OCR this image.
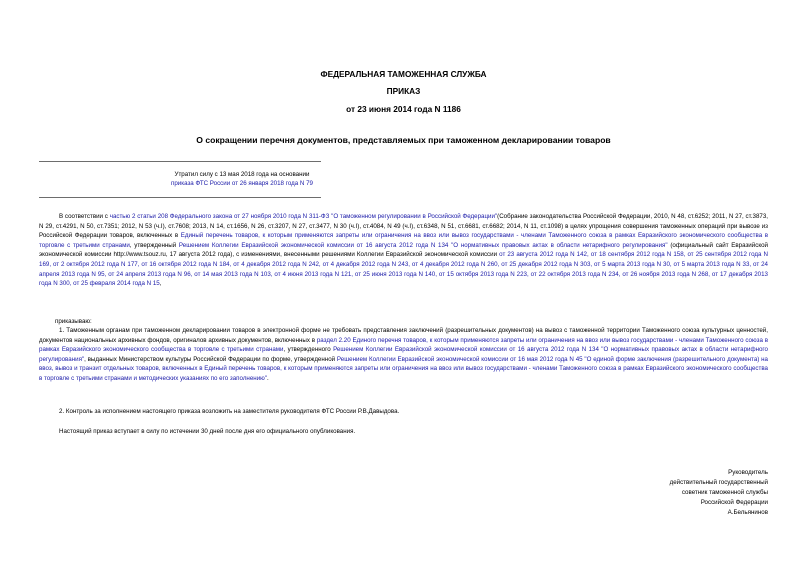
ФЕДЕРАЛЬНАЯ ТАМОЖЕННАЯ СЛУЖБА
ПРИКАЗ
от 23 июня 2014 года N 1186
О сокращении перечня документов, представляемых при таможенном декларировании товаров
Утратил силу с 13 мая 2018 года на основании
приказа ФТС России от 26 января 2018 года N 79

В соответствии с частью 2 статьи 208 Федерального закона от 27 ноября 2010 года N 311-ФЗ "О таможенном регулировании в Российской Федерации"(Собрание законодательства Российской Федерации, 2010, N 48, ст.6252; 2011, N 27, ст.3873, N 29, ст.4291, N 50, ст.7351; 2012, N 53 (ч.I), ст.7608; 2013, N 14, ст.1656, N 26, ст.3207, N 27, ст.3477, N 30 (ч.I), ст.4084, N 49 (ч.I), ст.6348, N 51, ст.6681, ст.6682; 2014, N 11, ст.1098) в целях упрощения совершения таможенных операций при вывозе из Российской Федерации товаров, включенных в Единый перечень товаров, к которым применяются запреты или ограничения на ввоз или вывоз государствами - членами Таможенного союза в рамках Евразийского экономического сообщества в торговле с третьими странами, утвержденный Решением Коллегии Евразийской экономической комиссии от 16 августа 2012 года N 134 "О нормативных правовых актах в области нетарифного регулирования" (официальный сайт Евразийской экономической комиссии http://www.tsouz.ru, 17 августа 2012 года), с изменениями, внесенными решениями Коллегии Евразийской экономической комиссии от 23 августа 2012 года N 142, от 18 сентября 2012 года N 158, от 25 сентября 2012 года N 169, от 2 октября 2012 года N 177, от 16 октября 2012 года N 184, от 4 декабря 2012 года N 242, от 4 декабря 2012 года N 243, от 4 декабря 2012 года N 260, от 25 декабря 2012 года N 303, от 5 марта 2013 года N 30, от 5 марта 2013 года N 33, от 24 апреля 2013 года N 95, от 24 апреля 2013 года N 96, от 14 мая 2013 года N 103, от 4 июня 2013 года N 121, от 25 июня 2013 года N 140, от 15 октября 2013 года N 223, от 22 октября 2013 года N 234, от 26 ноября 2013 года N 268, от 17 декабря 2013 года N 300, от 25 февраля 2014 года N 15,

приказываю:

1. Таможенным органам при таможенном декларировании товаров в электронной форме не требовать представления заключений (разрешительных документов) на вывоз с таможенной территории Таможенного союза культурных ценностей, документов национальных архивных фондов, оригиналов архивных документов, включенных в раздел 2.20 Единого перечня товаров, к которым применяются запреты или ограничения на ввоз или вывоз государствами - членами Таможенного союза в рамках Евразийского экономического сообщества в торговле с третьими странами, утвержденного Решением Коллегии Евразийской экономической комиссии от 16 августа 2012 года N 134 "О нормативных правовых актах в области нетарифного регулирования", выданных Министерством культуры Российской Федерации по форме, утвержденной Решением Коллегии Евразийской экономической комиссии от 16 мая 2012 года N 45 "О единой форме заключения (разрешительного документа) на ввоз, вывоз и транзит отдельных товаров, включенных в Единый перечень товаров, к которым применяются запреты или ограничения на ввоз или вывоз государствами - членами Таможенного союза в рамках Евразийского экономического сообщества в торговле с третьими странами и методических указаниях по его заполнению".

2. Контроль за исполнением настоящего приказа возложить на заместителя руководителя ФТС России Р.В.Давыдова.

Настоящий приказ вступает в силу по истечении 30 дней после дня его официального опубликования.

Руководитель
действительный государственный
советник таможенной службы
Российской Федерации
А.Бельянинов
